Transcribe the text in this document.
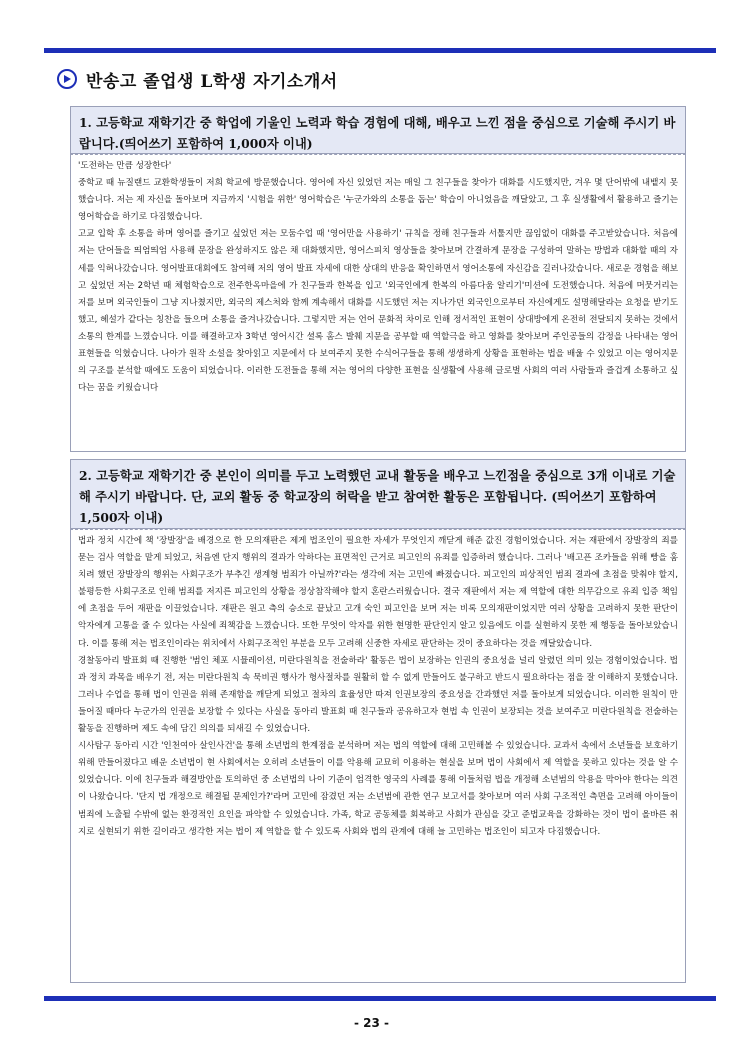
반송고 졸업생 L학생 자기소개서
1. 고등학교 재학기간 중 학업에 기울인 노력과 학습 경험에 대해, 배우고 느낀 점을 중심으로 기술해 주시기 바랍니다.(띄어쓰기 포함하여 1,000자 이내)

'도전하는 만큼 성장한다'

중학교 때 뉴질랜드 교환학생들이 저희 학교에 방문했습니다. 영어에 자신 있었던 저는 매일 그 친구들을 찾아가 대화를 시도했지만, 겨우 몇 단어밖에 내뱉지 못했습니다. 저는 제 자신을 돌아보며 지금까지 '시험을 위한' 영어학습은 '누군가와의 소통을 돕는' 학습이 아니었음을 깨달았고, 그 후 실생활에서 활용하고 즐기는 영어학습을 하기로 다짐했습니다.

고교 입학 후 소통을 하며 영어를 즐기고 싶었던 저는 모둠수업 때 '영어만을 사용하기' 규칙을 정해 친구들과 서툴지만 끊임없이 대화를 주고받았습니다. 처음에 저는 단어들을 띄엄띄엄 사용해 문장을 완성하지도 않은 채 대화했지만, 영어스피치 영상들을 찾아보며 간결하게 문장을 구성하여 말하는 방법과 대화할 때의 자세를 익혀나갔습니다. 영어발표대회에도 참여해 저의 영어 발표 자세에 대한 상대의 반응을 확인하면서 영어소통에 자신감을 길러나갔습니다. 새로운 경험을 해보고 싶었던 저는 2학년 때 체험학습으로 전주한옥마을에 가 친구들과 한복을 입고 '외국인에게 한복의 아름다움 알리기'미션에 도전했습니다. 처음에 머뭇거리는 저를 보며 외국인들이 그냥 지나쳤지만, 외국의 제스처와 함께 계속해서 대화를 시도했던 저는 지나가던 외국인으로부터 자신에게도 설명해달라는 요청을 받기도 했고, 헤설가 같다는 칭찬을 들으며 소통을 즐겨나갔습니다. 그렇지만 저는 언어 문화적 차이로 인해 정서적인 표현이 상대방에게 온전히 전달되지 못하는 것에서 소통의 한계를 느꼈습니다. 이를 해결하고자 3학년 영어시간 셜록 홈스 발췌 지문을 공부할 때 역할극을 하고 영화를 찾아보며 주인공들의 감정을 나타내는 영어 표현들을 익혔습니다. 나아가 원작 소설을 찾아읽고 지문에서 다 보여주지 못한 수식어구들을 통해 생생하게 상황을 표현하는 법을 배울 수 있었고 이는 영어지문의 구조를 분석할 때에도 도움이 되었습니다. 이러한 도전들을 통해 저는 영어의 다양한 표현을 실생활에 사용해 글로벌 사회의 여러 사람들과 즐겁게 소통하고 싶다는 꿈을 키웠습니다

2. 고등학교 재학기간 중 본인이 의미를 두고 노력했던 교내 활동을 배우고 느낀점을 중심으로 3개 이내로 기술해 주시기 바랍니다. 단, 교외 활동 중 학교장의 허락을 받고 참여한 활동은 포함됩니다. (띄어쓰기 포함하여 1,500자 이내)

법과 정치 시간에 책 '장발장'을 배경으로 한 모의재판은 제게 법조인이 필요한 자세가 무엇인지 깨닫게 해준 값진 경험이었습니다. 저는 재판에서 장발장의 죄를 묻는 검사 역할을 맡게 되었고, 처음엔 단지 행위의 결과가 악하다는 표면적인 근거로 피고인의 유죄를 입증하려 했습니다. 그러나 '배고픈 조카들을 위해 빵을 훔치려 했던 장발장의 행위는 사회구조가 부추긴 생계형 범죄가 아닐까?'라는 생각에 저는 고민에 빠졌습니다. 피고인의 피상적인 범죄 결과에 초점을 맞춰야 할지, 불평등한 사회구조로 인해 범죄를 저지른 피고인의 상황을 정상참작해야 할지 혼란스러웠습니다. 결국 재판에서 저는 제 역할에 대한 의무감으로 유죄 입증 책임에 초점을 두어 재판을 이끌었습니다. 재판은 원고 측의 승소로 끝났고 고개 숙인 피고인을 보며 저는 비록 모의재판이었지만 여러 상황을 고려하지 못한 판단이 악자에게 고통을 줄 수 있다는 사실에 죄책감을 느꼈습니다. 또한 무엇이 악자를 위한 현명한 판단인지 알고 있음에도 이를 실현하지 못한 제 행동을 돌아보았습니다. 이를 통해 저는 법조인이라는 위치에서 사회구조적인 부분을 모두 고려해 신중한 자세로 판단하는 것이 중요하다는 것을 깨달았습니다.

경찰동아리 발표회 때 진행한 '범인 체포 시뮬레이션, 미란다원칙을 전술하라' 활동은 법이 보장하는 인권의 중요성을 널리 알렸던 의미 있는 경험이었습니다. 법과 정치 과목을 배우기 전, 저는 미란다원칙 속 묵비권 행사가 형사절차를 원활히 할 수 없게 만들어도 불구하고 반드시 필요하다는 점을 잘 이해하지 못했습니다. 그러나 수업을 통해 법이 인권을 위해 존재함을 깨닫게 되었고 절차의 효율성만 따져 인권보장의 중요성을 간과했던 저를 돌아보게 되었습니다. 이러한 원칙이 만들어질 때마다 누군가의 인권을 보장할 수 있다는 사실을 동아리 발표회 때 친구들과 공유하고자 현법 속 인권이 보장되는 것을 보여주고 미란다원칙을 전술하는 활동을 진행하며 제도 속에 담긴 의의를 되새길 수 있었습니다.

시사탐구 동아리 시간 '인천여아 살인사건'을 통해 소년법의 한계점을 분석하며 저는 법의 역할에 대해 고민해볼 수 있었습니다. 교과서 속에서 소년들을 보호하기 위해 만들어졌다고 배운 소년법이 현 사회에서는 오히려 소년들이 이를 악용해 교묘히 이용하는 현실을 보며 법이 사회에서 제 역할을 못하고 있다는 것을 알 수 있었습니다. 이에 친구들과 해결방안을 토의하던 중 소년법의 나이 기준이 엄격한 영국의 사례를 통해 이들처럼 법을 개정해 소년범의 악용을 막아야 한다는 의견이 나왔습니다. '단지 법 개정으로 해결될 문제인가?'라며 고민에 잠겼던 저는 소년범에 관한 연구 보고서를 찾아보며 여러 사회 구조적인 측면을 고려해 아이들이 범죄에 노출될 수밖에 없는 환경적인 요인을 파악할 수 있었습니다. 가족, 학교 공동체를 회복하고 사회가 관심을 갖고 준법교육을 강화하는 것이 법이 올바른 취지로 실현되기 위한 길이라고 생각한 저는 법이 제 역할을 할 수 있도록 사회와 법의 관계에 대해 늘 고민하는 법조인이 되고자 다짐했습니다.

- 23 -
